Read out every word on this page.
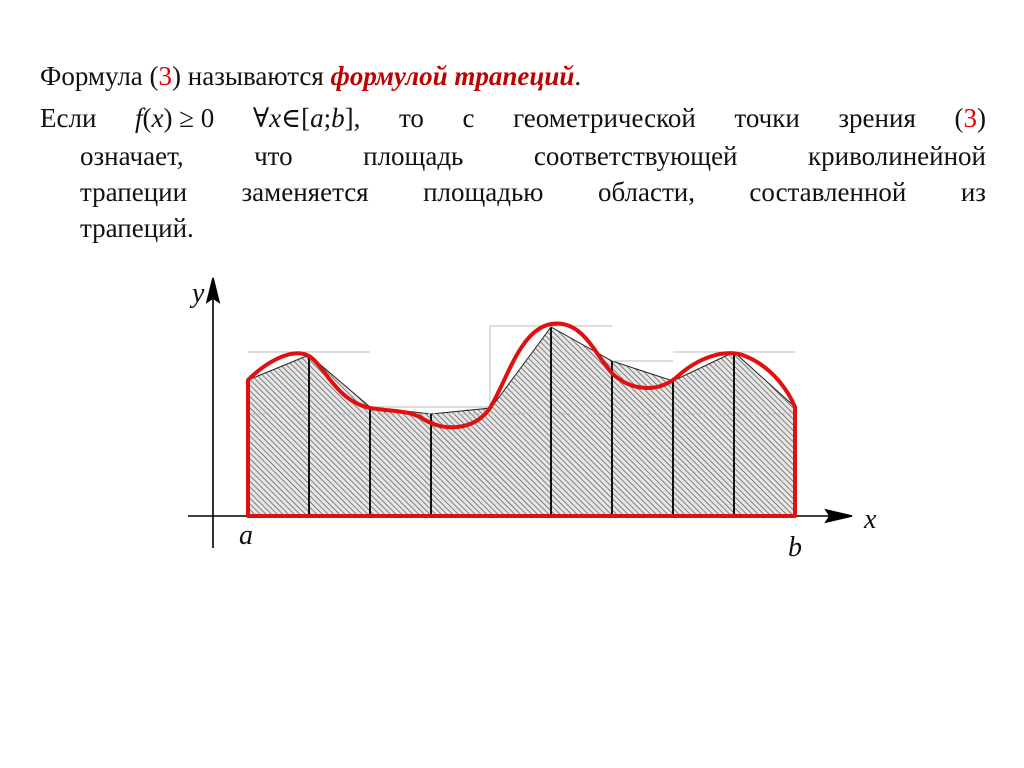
Формула (3) называются формулой трапеций.
Если f(x) ≥ 0 ∀x∈[a;b], то с геометрической точки зрения (3)
означает,	что	площадь	соответствующей	криволинейной
трапеции заменяется площадью области, составленной из
трапеций.
y
x
a	b
